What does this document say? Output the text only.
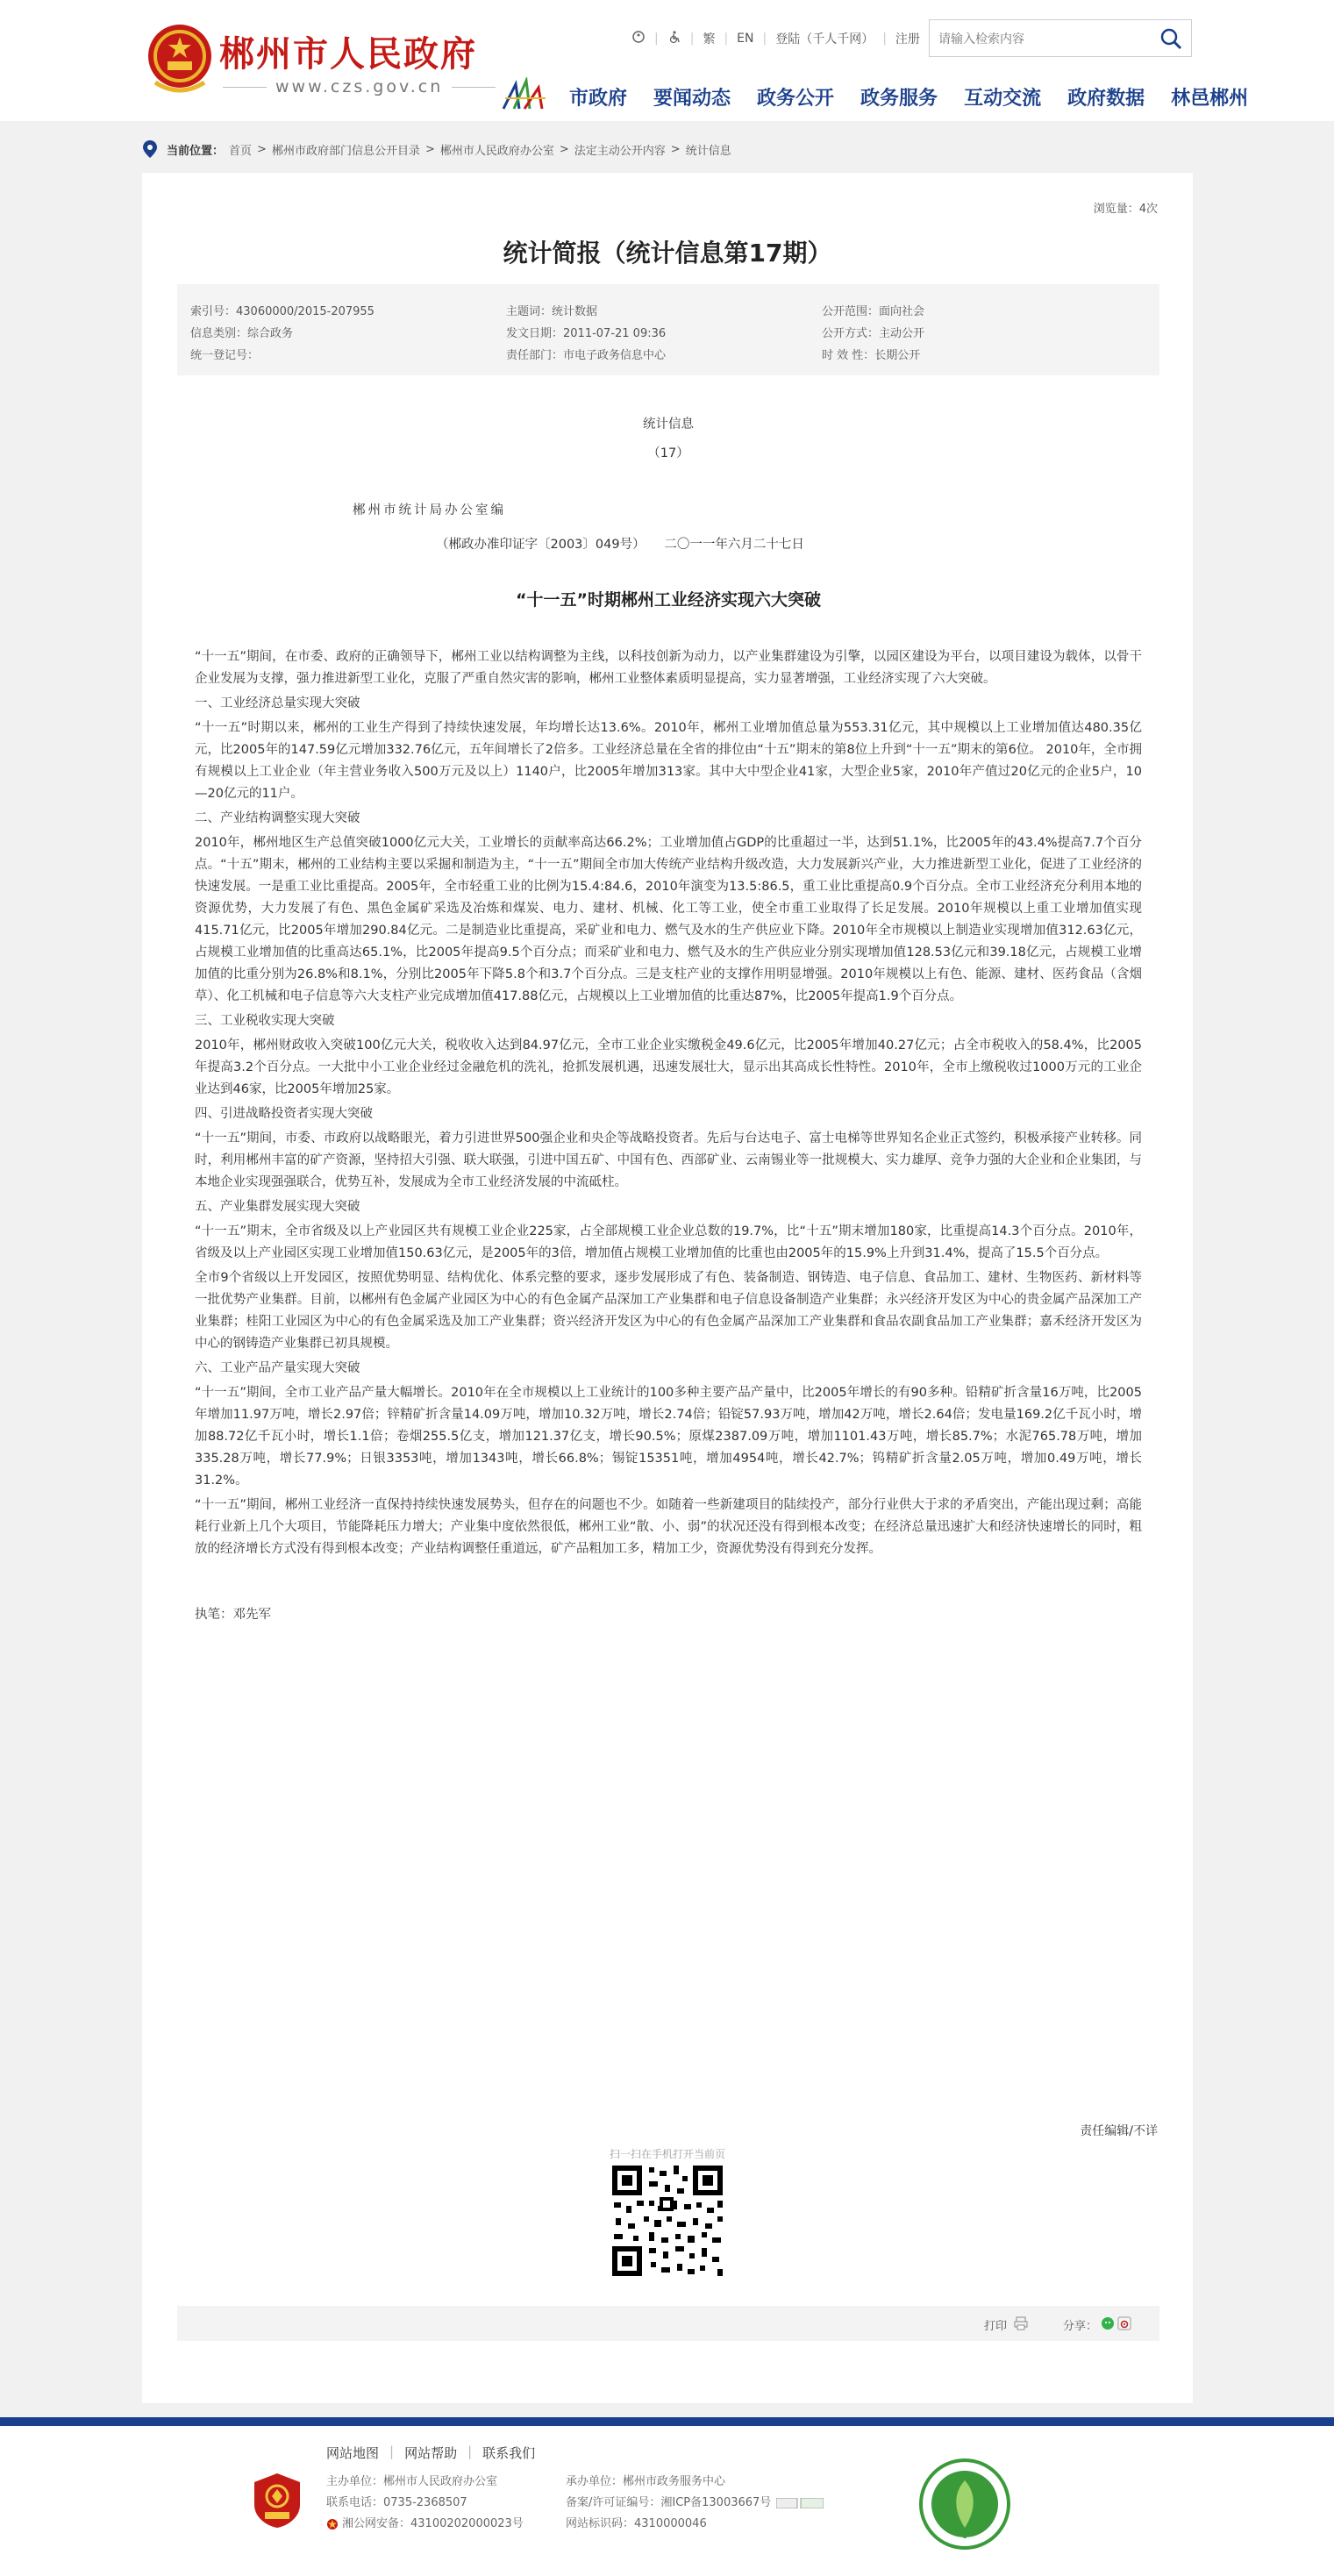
郴州市人民政府
www.czs.gov.cn
|	| 繁 | EN | 登陆（千人千网） | 注册
请输入检索内容
市政府 要闻动态 政务公开 政务服务 互动交流 政府数据 林邑郴州
当前位置： 首页 > 郴州市政府部门信息公开目录 > 郴州市人民政府办公室 > 法定主动公开内容 > 统计信息
浏览量：4次
统计简报（统计信息第17期）
索引号：43060000/2015-207955
信息类别：综合政务
统一登记号：
主题词：统计数据
发文日期：2011-07-21 09:36
责任部门：市电子政务信息中心
公开范围：面向社会
公开方式：主动公开
时 效 性：长期公开

统计信息

（17）

郴州市统计局办公室编

（郴政办准印证字〔2003〕049号）　　二〇一一年六月二十七日

“十一五”时期郴州工业经济实现六大突破

“十一五”期间，在市委、政府的正确领导下，郴州工业以结构调整为主线，以科技创新为动力，以产业集群建设为引擎，以园区建设为平台，以项目建设为载体，以骨干企业发展为支撑，强力推进新型工业化，克服了严重自然灾害的影响，郴州工业整体素质明显提高，实力显著增强，工业经济实现了六大突破。

一、工业经济总量实现大突破

“十一五”时期以来，郴州的工业生产得到了持续快速发展，年均增长达13.6%。2010年，郴州工业增加值总量为553.31亿元，其中规模以上工业增加值达480.35亿元，比2005年的147.59亿元增加332.76亿元，五年间增长了2倍多。工业经济总量在全省的排位由“十五”期末的第8位上升到“十一五”期末的第6位。 2010年，全市拥有规模以上工业企业（年主营业务收入500万元及以上）1140户，比2005年增加313家。其中大中型企业41家，大型企业5家，2010年产值过20亿元的企业5户，10—20亿元的11户。

二、产业结构调整实现大突破

2010年，郴州地区生产总值突破1000亿元大关，工业增长的贡献率高达66.2%；工业增加值占GDP的比重超过一半，达到51.1%，比2005年的43.4%提高7.7个百分点。“十五”期末，郴州的工业结构主要以采掘和制造为主，“十一五”期间全市加大传统产业结构升级改造，大力发展新兴产业，大力推进新型工业化，促进了工业经济的快速发展。一是重工业比重提高。2005年，全市轻重工业的比例为15.4:84.6，2010年演变为13.5:86.5，重工业比重提高0.9个百分点。全市工业经济充分利用本地的资源优势，大力发展了有色、黑色金属矿采选及冶炼和煤炭、电力、建材、机械、化工等工业，使全市重工业取得了长足发展。2010年规模以上重工业增加值实现415.71亿元，比2005年增加290.84亿元。二是制造业比重提高，采矿业和电力、燃气及水的生产供应业下降。2010年全市规模以上制造业实现增加值312.63亿元，占规模工业增加值的比重高达65.1%，比2005年提高9.5个百分点；而采矿业和电力、燃气及水的生产供应业分别实现增加值128.53亿元和39.18亿元，占规模工业增加值的比重分别为26.8%和8.1%，分别比2005年下降5.8个和3.7个百分点。三是支柱产业的支撑作用明显增强。2010年规模以上有色、能源、建材、医药食品（含烟草）、化工机械和电子信息等六大支柱产业完成增加值417.88亿元，占规模以上工业增加值的比重达87%，比2005年提高1.9个百分点。

三、工业税收实现大突破

2010年，郴州财政收入突破100亿元大关，税收收入达到84.97亿元，全市工业企业实缴税金49.6亿元，比2005年增加40.27亿元；占全市税收入的58.4%，比2005年提高3.2个百分点。一大批中小工业企业经过金融危机的洗礼，抢抓发展机遇，迅速发展壮大，显示出其高成长性特性。2010年，全市上缴税收过1000万元的工业企业达到46家，比2005年增加25家。

四、引进战略投资者实现大突破

“十一五”期间，市委、市政府以战略眼光，着力引进世界500强企业和央企等战略投资者。先后与台达电子、富士电梯等世界知名企业正式签约，积极承接产业转移。同时，利用郴州丰富的矿产资源，坚持招大引强、联大联强，引进中国五矿、中国有色、西部矿业、云南锡业等一批规模大、实力雄厚、竞争力强的大企业和企业集团，与本地企业实现强强联合，优势互补，发展成为全市工业经济发展的中流砥柱。

五、产业集群发展实现大突破

“十一五”期末，全市省级及以上产业园区共有规模工业企业225家，占全部规模工业企业总数的19.7%，比“十五”期末增加180家，比重提高14.3个百分点。2010年，省级及以上产业园区实现工业增加值150.63亿元，是2005年的3倍，增加值占规模工业增加值的比重也由2005年的15.9%上升到31.4%，提高了15.5个百分点。

全市9个省级以上开发园区，按照优势明显、结构优化、体系完整的要求，逐步发展形成了有色、装备制造、钢铸造、电子信息、食品加工、建材、生物医药、新材料等一批优势产业集群。目前，以郴州有色金属产业园区为中心的有色金属产品深加工产业集群和电子信息设备制造产业集群；永兴经济开发区为中心的贵金属产品深加工产业集群；桂阳工业园区为中心的有色金属采选及加工产业集群；资兴经济开发区为中心的有色金属产品深加工产业集群和食品农副食品加工产业集群；嘉禾经济开发区为中心的钢铸造产业集群已初具规模。

六、工业产品产量实现大突破

“十一五”期间，全市工业产品产量大幅增长。2010年在全市规模以上工业统计的100多种主要产品产量中，比2005年增长的有90多种。铅精矿折含量16万吨，比2005年增加11.97万吨，增长2.97倍；锌精矿折含量14.09万吨，增加10.32万吨，增长2.74倍；铅锭57.93万吨，增加42万吨，增长2.64倍；发电量169.2亿千瓦小时，增加88.72亿千瓦小时，增长1.1倍；卷烟255.5亿支，增加121.37亿支，增长90.5%；原煤2387.09万吨，增加1101.43万吨，增长85.7%；水泥765.78万吨，增加335.28万吨，增长77.9%；日银3353吨，增加1343吨，增长66.8%；锡锭15351吨，增加4954吨，增长42.7%；钨精矿折含量2.05万吨，增加0.49万吨，增长31.2%。

“十一五”期间，郴州工业经济一直保持持续快速发展势头，但存在的问题也不少。如随着一些新建项目的陆续投产，部分行业供大于求的矛盾突出，产能出现过剩；高能耗行业新上几个大项目，节能降耗压力增大；产业集中度依然很低，郴州工业“散、小、弱”的状况还没有得到根本改变；在经济总量迅速扩大和经济快速增长的同时，粗放的经济增长方式没有得到根本改变；产业结构调整任重道远，矿产品粗加工多，精加工少，资源优势没有得到充分发挥。

执笔：邓先军

责任编辑/不详
扫一扫在手机打开当前页
打印	分享：
网站地图 | 网站帮助 | 联系我们
主办单位：郴州市人民政府办公室
联系电话：0735-2368507
湘公网安备：43100202000023号
承办单位：郴州市政务服务中心
备案/许可证编号：湘ICP备13003667号
网站标识码：4310000046
